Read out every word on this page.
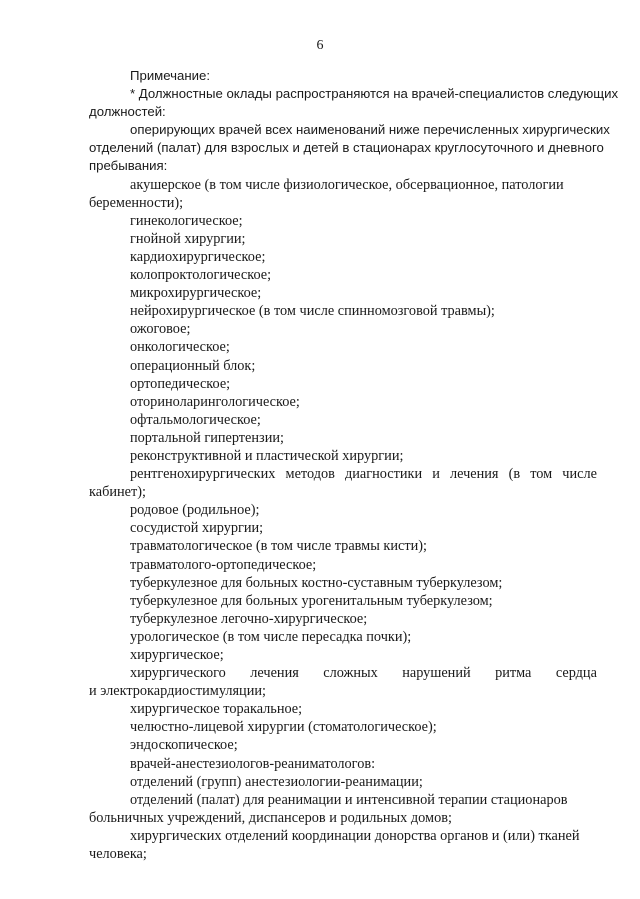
6
Примечание:
* Должностные оклады распространяются на врачей-специалистов следующих
должностей:
оперирующих врачей всех наименований ниже перечисленных хирургических
отделений (палат) для взрослых и детей в стационарах круглосуточного и дневного
пребывания:
акушерское (в том числе физиологическое, обсервационное, патологии
беременности);
гинекологическое;
гнойной хирургии;
кардиохирургическое;
колопроктологическое;
микрохирургическое;
нейрохирургическое (в том числе спинномозговой травмы);
ожоговое;
онкологическое;
операционный блок;
ортопедическое;
оториноларингологическое;
офтальмологическое;
портальной гипертензии;
реконструктивной и пластической хирургии;
рентгенохирургических методов диагностики и лечения (в том числе
кабинет);
родовое (родильное);
сосудистой хирургии;
травматологическое (в том числе травмы кисти);
травматолого-ортопедическое;
туберкулезное для больных костно-суставным туберкулезом;
туберкулезное для больных урогенитальным туберкулезом;
туберкулезное легочно-хирургическое;
урологическое (в том числе пересадка почки);
хирургическое;
хирургического лечения сложных нарушений ритма сердца
и электрокардиостимуляции;
хирургическое торакальное;
челюстно-лицевой хирургии (стоматологическое);
эндоскопическое;
врачей-анестезиологов-реаниматологов:
отделений (групп) анестезиологии-реанимации;
отделений (палат) для реанимации и интенсивной терапии стационаров
больничных учреждений, диспансеров и родильных домов;
хирургических отделений координации донорства органов и (или) тканей
человека;
